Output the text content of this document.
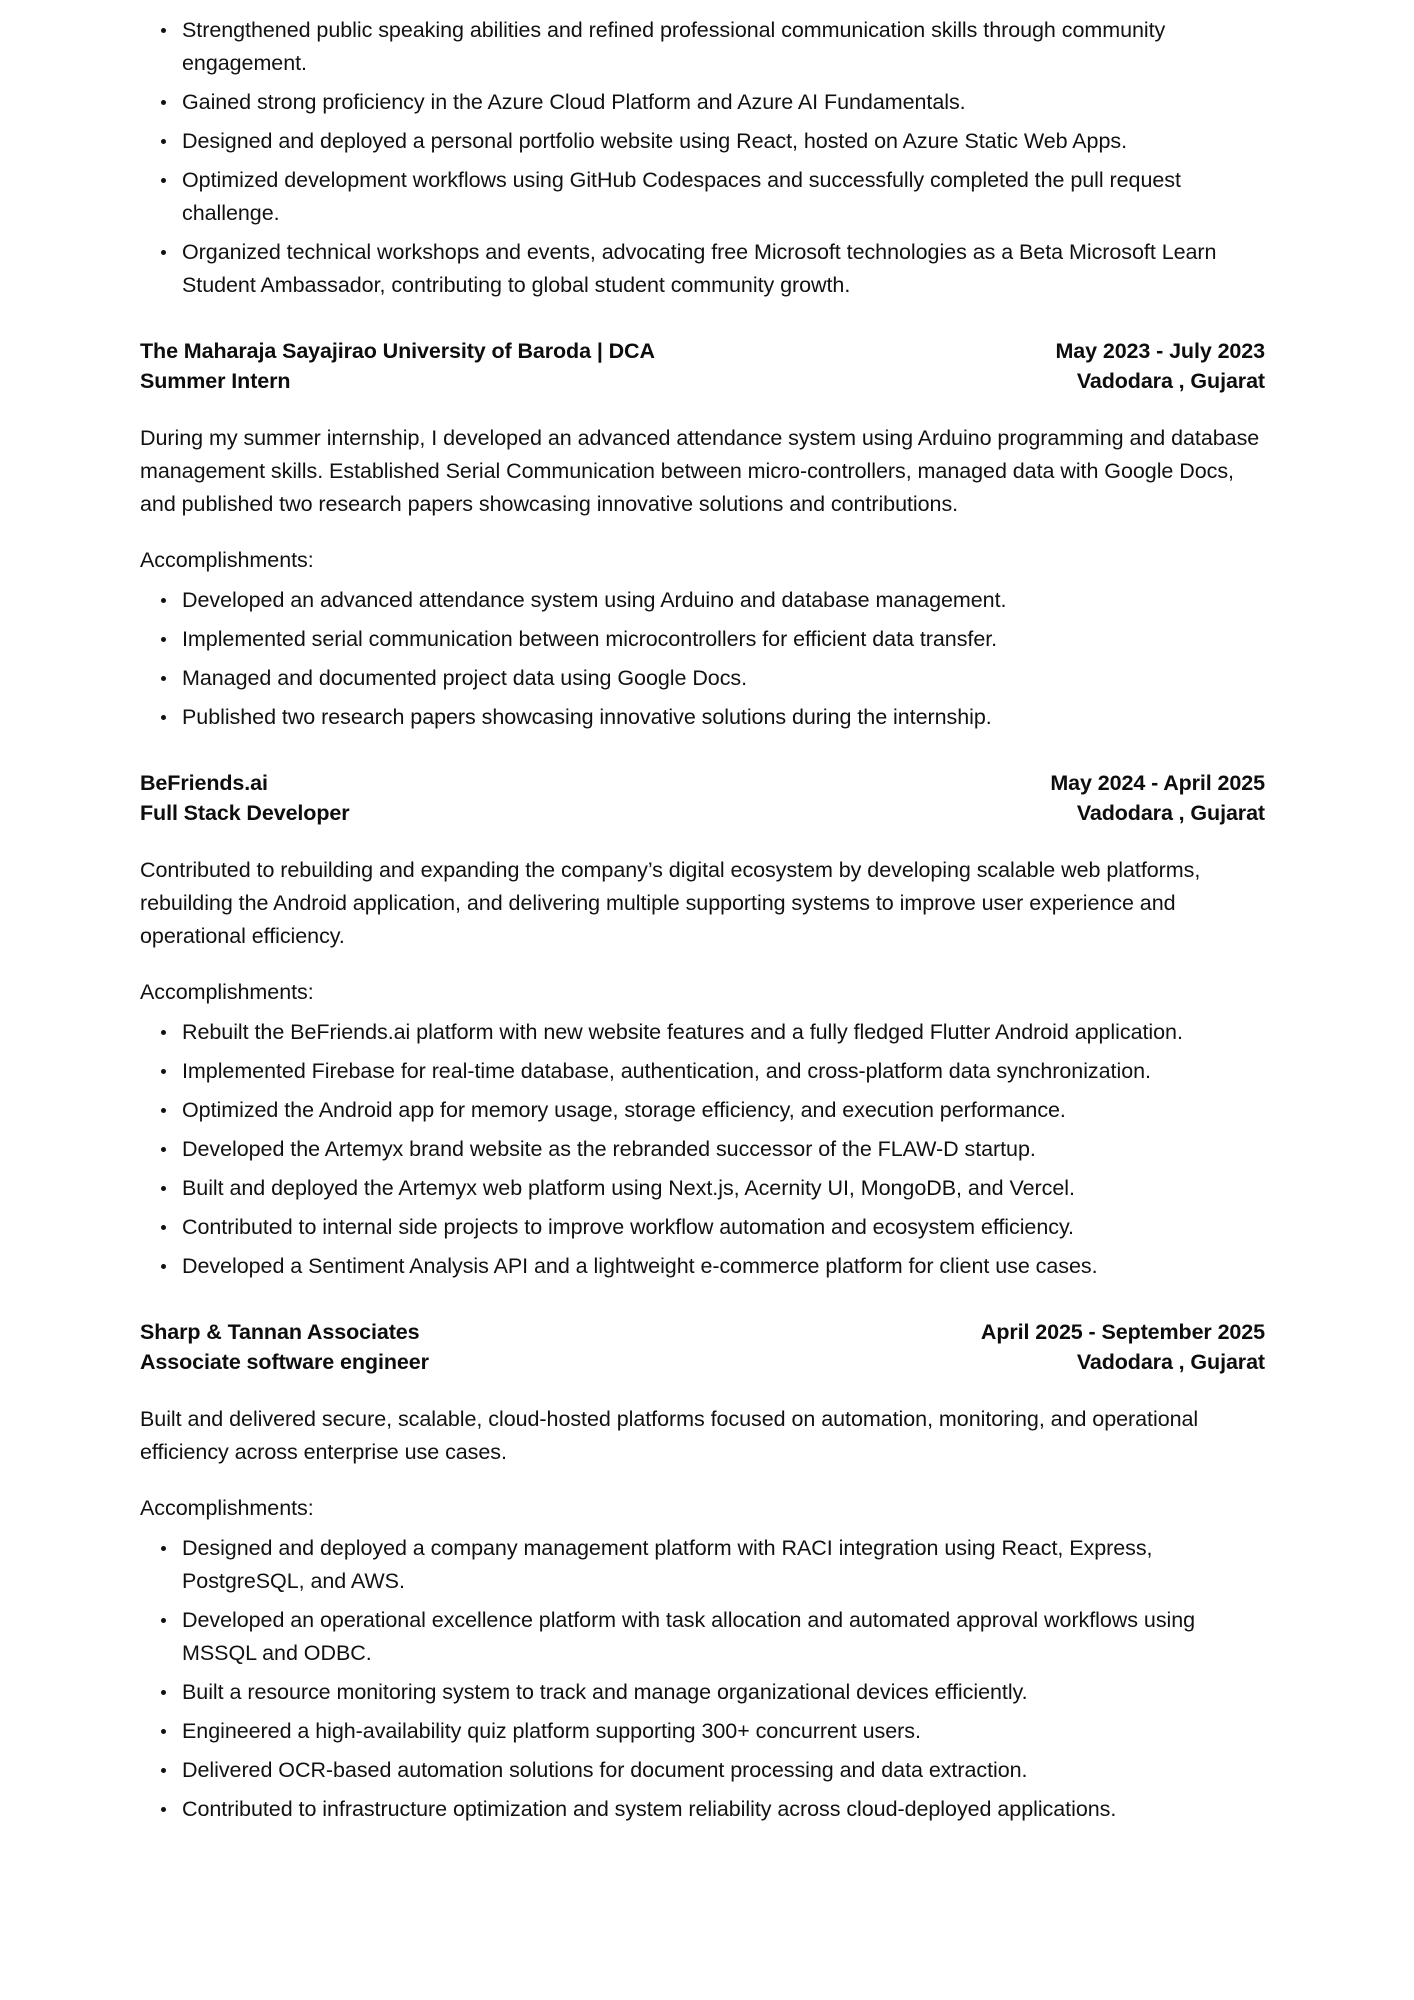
Strengthened public speaking abilities and refined professional communication skills through community engagement.
Gained strong proficiency in the Azure Cloud Platform and Azure AI Fundamentals.
Designed and deployed a personal portfolio website using React, hosted on Azure Static Web Apps.
Optimized development workflows using GitHub Codespaces and successfully completed the pull request challenge.
Organized technical workshops and events, advocating free Microsoft technologies as a Beta Microsoft Learn Student Ambassador, contributing to global student community growth.
The Maharaja Sayajirao University of Baroda | DCA
Summer Intern
May 2023 - July 2023
Vadodara , Gujarat

During my summer internship, I developed an advanced attendance system using Arduino programming and database management skills. Established Serial Communication between micro-controllers, managed data with Google Docs, and published two research papers showcasing innovative solutions and contributions.

Accomplishments:

Developed an advanced attendance system using Arduino and database management.
Implemented serial communication between microcontrollers for efficient data transfer.
Managed and documented project data using Google Docs.
Published two research papers showcasing innovative solutions during the internship.
BeFriends.ai
Full Stack Developer
May 2024 - April 2025
Vadodara , Gujarat

Contributed to rebuilding and expanding the company’s digital ecosystem by developing scalable web platforms, rebuilding the Android application, and delivering multiple supporting systems to improve user experience and operational efficiency.

Accomplishments:

Rebuilt the BeFriends.ai platform with new website features and a fully fledged Flutter Android application.
Implemented Firebase for real-time database, authentication, and cross-platform data synchronization.
Optimized the Android app for memory usage, storage efficiency, and execution performance.
Developed the Artemyx brand website as the rebranded successor of the FLAW-D startup.
Built and deployed the Artemyx web platform using Next.js, Acernity UI, MongoDB, and Vercel.
Contributed to internal side projects to improve workflow automation and ecosystem efficiency.
Developed a Sentiment Analysis API and a lightweight e-commerce platform for client use cases.
Sharp & Tannan Associates
Associate software engineer
April 2025 - September 2025
Vadodara , Gujarat

Built and delivered secure, scalable, cloud-hosted platforms focused on automation, monitoring, and operational efficiency across enterprise use cases.

Accomplishments:

Designed and deployed a company management platform with RACI integration using React, Express, PostgreSQL, and AWS.
Developed an operational excellence platform with task allocation and automated approval workflows using MSSQL and ODBC.
Built a resource monitoring system to track and manage organizational devices efficiently.
Engineered a high-availability quiz platform supporting 300+ concurrent users.
Delivered OCR-based automation solutions for document processing and data extraction.
Contributed to infrastructure optimization and system reliability across cloud-deployed applications.
